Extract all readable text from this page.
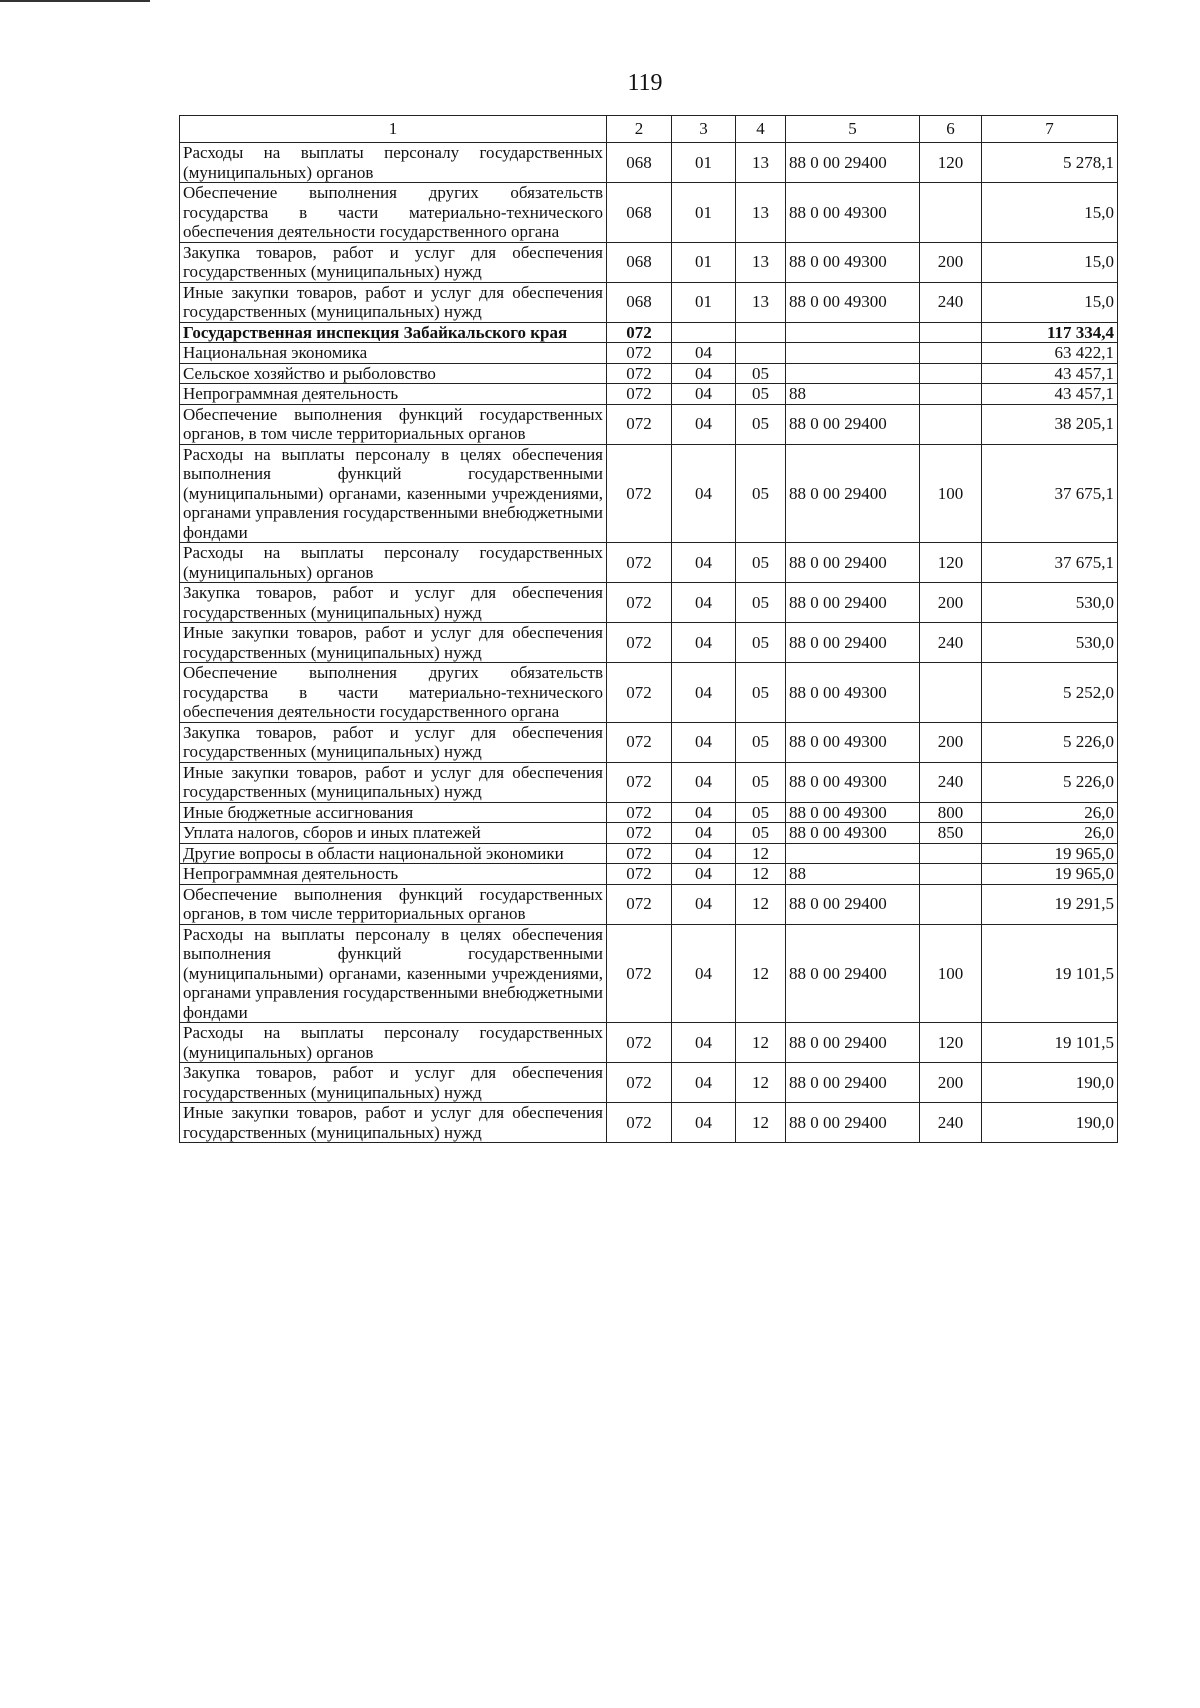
119
1	2	3	4	5	6	7
Расходы на выплаты персоналу государственных (муниципальных) органов	068	01	13	88 0 00 29400	120	5 278,1
Обеспечение выполнения других обязательств государства в части материально-технического обеспечения деятельности государственного органа	068	01	13	88 0 00 49300		15,0
Закупка товаров, работ и услуг для обеспечения государственных (муниципальных) нужд	068	01	13	88 0 00 49300	200	15,0
Иные закупки товаров, работ и услуг для обеспечения государственных (муниципальных) нужд	068	01	13	88 0 00 49300	240	15,0
Государственная инспекция Забайкальского края	072					117 334,4
Национальная экономика	072	04				63 422,1
Сельское хозяйство и рыболовство	072	04	05			43 457,1
Непрограммная деятельность	072	04	05	88		43 457,1
Обеспечение выполнения функций государственных органов, в том числе территориальных органов	072	04	05	88 0 00 29400		38 205,1
Расходы на выплаты персоналу в целях обеспечения выполнения функций государственными (муниципальными) органами, казенными учреждениями, органами управления государственными внебюджетными фондами	072	04	05	88 0 00 29400	100	37 675,1
Расходы на выплаты персоналу государственных (муниципальных) органов	072	04	05	88 0 00 29400	120	37 675,1
Закупка товаров, работ и услуг для обеспечения государственных (муниципальных) нужд	072	04	05	88 0 00 29400	200	530,0
Иные закупки товаров, работ и услуг для обеспечения государственных (муниципальных) нужд	072	04	05	88 0 00 29400	240	530,0
Обеспечение выполнения других обязательств государства в части материально-технического обеспечения деятельности государственного органа	072	04	05	88 0 00 49300		5 252,0
Закупка товаров, работ и услуг для обеспечения государственных (муниципальных) нужд	072	04	05	88 0 00 49300	200	5 226,0
Иные закупки товаров, работ и услуг для обеспечения государственных (муниципальных) нужд	072	04	05	88 0 00 49300	240	5 226,0
Иные бюджетные ассигнования	072	04	05	88 0 00 49300	800	26,0
Уплата налогов, сборов и иных платежей	072	04	05	88 0 00 49300	850	26,0
Другие вопросы в области национальной экономики	072	04	12			19 965,0
Непрограммная деятельность	072	04	12	88		19 965,0
Обеспечение выполнения функций государственных органов, в том числе территориальных органов	072	04	12	88 0 00 29400		19 291,5
Расходы на выплаты персоналу в целях обеспечения выполнения функций государственными (муниципальными) органами, казенными учреждениями, органами управления государственными внебюджетными фондами	072	04	12	88 0 00 29400	100	19 101,5
Расходы на выплаты персоналу государственных (муниципальных) органов	072	04	12	88 0 00 29400	120	19 101,5
Закупка товаров, работ и услуг для обеспечения государственных (муниципальных) нужд	072	04	12	88 0 00 29400	200	190,0
Иные закупки товаров, работ и услуг для обеспечения государственных (муниципальных) нужд	072	04	12	88 0 00 29400	240	190,0
